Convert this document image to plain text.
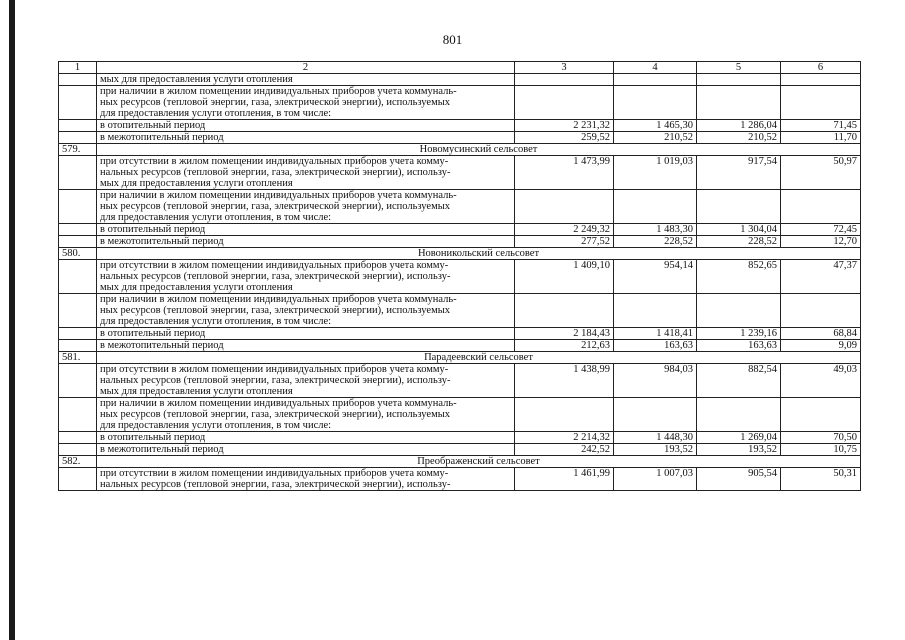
801
1	2	3	4	5	6

	мых для предоставления услуги отопления				

	при наличии в жилом помещении индивидуальных приборов учета коммуналь-
ных ресурсов (тепловой энергии, газа, электрической энергии), используемых
для предоставления услуги отопления, в том числе:				

	в отопительный период	2 231,32	1 465,30	1 286,04	71,45

	в межотопительный период	259,52	210,52	210,52	11,70
579.	Новомусинский сельсовет				

	при отсутствии в жилом помещении индивидуальных приборов учета комму-
нальных ресурсов (тепловой энергии, газа, электрической энергии), использу-
мых для предоставления услуги отопления	1 473,99	1 019,03	917,54	50,97

	при наличии в жилом помещении индивидуальных приборов учета коммуналь-
ных ресурсов (тепловой энергии, газа, электрической энергии), используемых
для предоставления услуги отопления, в том числе:				

	в отопительный период	2 249,32	1 483,30	1 304,04	72,45

	в межотопительный период	277,52	228,52	228,52	12,70
580.	Новоникольский сельсовет				

	при отсутствии в жилом помещении индивидуальных приборов учета комму-
нальных ресурсов (тепловой энергии, газа, электрической энергии), использу-
мых для предоставления услуги отопления	1 409,10	954,14	852,65	47,37

	при наличии в жилом помещении индивидуальных приборов учета коммуналь-
ных ресурсов (тепловой энергии, газа, электрической энергии), используемых
для предоставления услуги отопления, в том числе:				

	в отопительный период	2 184,43	1 418,41	1 239,16	68,84

	в межотопительный период	212,63	163,63	163,63	9,09
581.	Парадеевский сельсовет				

	при отсутствии в жилом помещении индивидуальных приборов учета комму-
нальных ресурсов (тепловой энергии, газа, электрической энергии), использу-
мых для предоставления услуги отопления	1 438,99	984,03	882,54	49,03

	при наличии в жилом помещении индивидуальных приборов учета коммуналь-
ных ресурсов (тепловой энергии, газа, электрической энергии), используемых
для предоставления услуги отопления, в том числе:				

	в отопительный период	2 214,32	1 448,30	1 269,04	70,50

	в межотопительный период	242,52	193,52	193,52	10,75
582.	Преображенский сельсовет				

	при отсутствии в жилом помещении индивидуальных приборов учета комму-
нальных ресурсов (тепловой энергии, газа, электрической энергии), использу-	1 461,99	1 007,03	905,54	50,31
